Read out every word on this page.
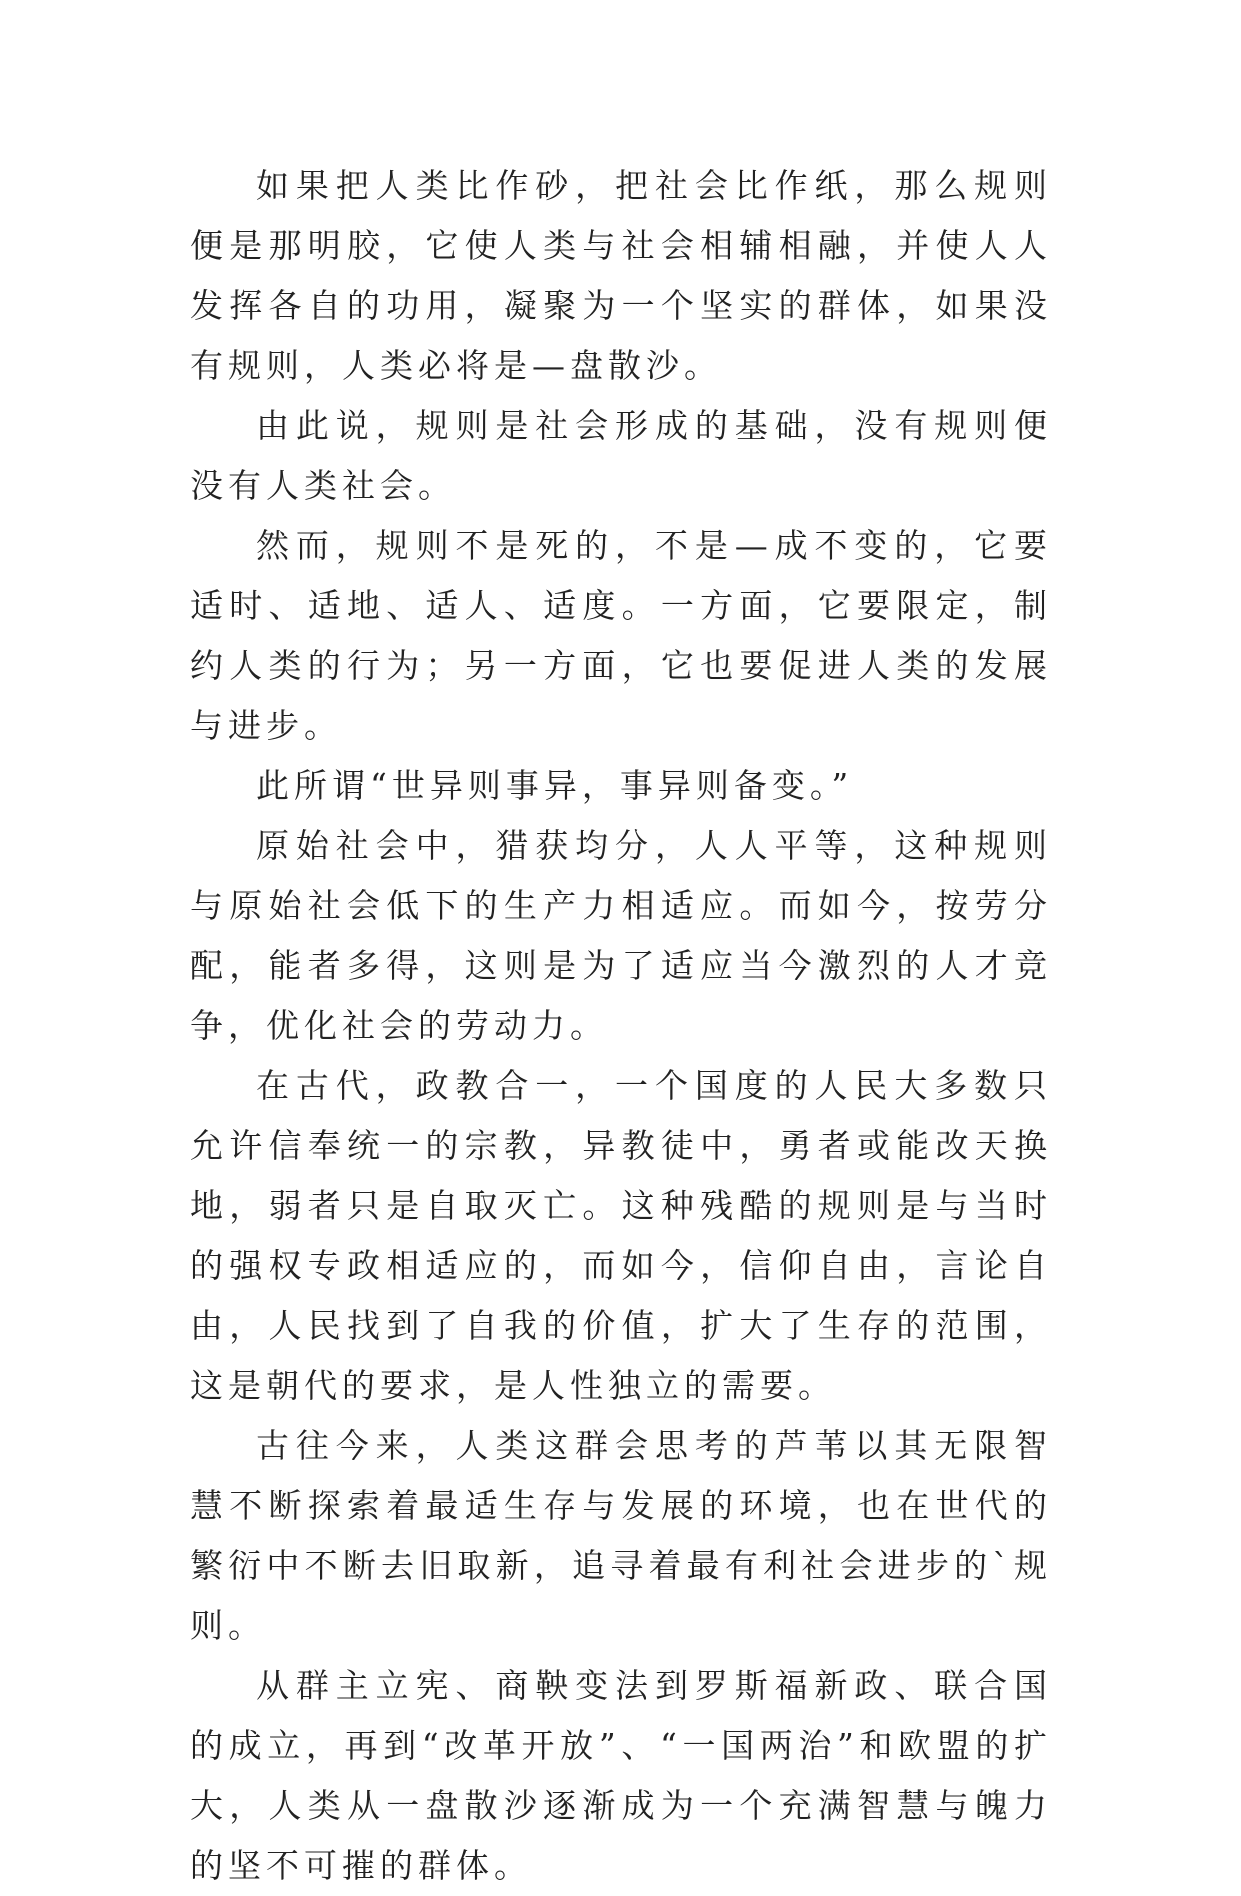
如果把人类比作砂，把社会比作纸，那么规则便是那明胶，它使人类与社会相辅相融，并使人人发挥各自的功用，凝聚为一个坚实的群体，如果没有规则，人类必将是—盘散沙。

由此说，规则是社会形成的基础，没有规则便没有人类社会。

然而，规则不是死的，不是—成不变的，它要适时、适地、适人、适度。一方面，它要限定，制约人类的行为；另一方面，它也要促进人类的发展与进步。

此所谓“世异则事异，事异则备变。”

原始社会中，猎获均分，人人平等，这种规则与原始社会低下的生产力相适应。而如今，按劳分配，能者多得，这则是为了适应当今激烈的人才竞争，优化社会的劳动力。

在古代，政教合一，一个国度的人民大多数只允许信奉统一的宗教，异教徒中，勇者或能改天换地，弱者只是自取灭亡。这种残酷的规则是与当时的强权专政相适应的，而如今，信仰自由，言论自由，人民找到了自我的价值，扩大了生存的范围，这是朝代的要求，是人性独立的需要。

古往今来，人类这群会思考的芦苇以其无限智慧不断探索着最适生存与发展的环境，也在世代的繁衍中不断去旧取新，追寻着最有利社会进步的`规则。

从群主立宪、商鞅变法到罗斯福新政、联合国的成立，再到“改革开放”、“一国两治”和欧盟的扩大，人类从一盘散沙逐渐成为一个充满智慧与魄力的坚不可摧的群体。
